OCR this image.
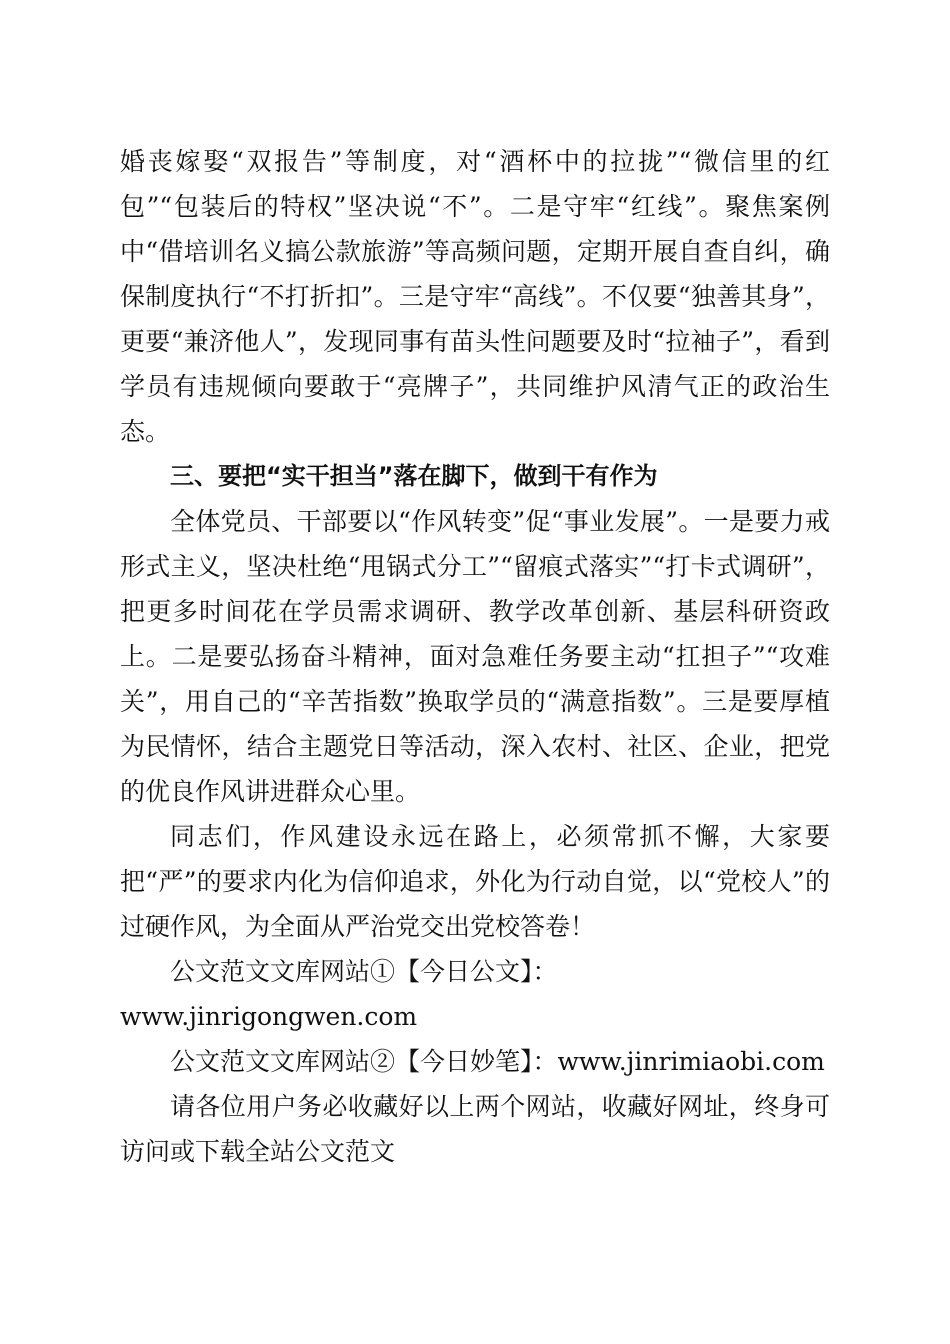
婚丧嫁娶“双报告”等制度，对“酒杯中的拉拢”“微信里的红包”“包装后的特权”坚决说“不”。二是守牢“红线”。聚焦案例中“借培训名义搞公款旅游”等高频问题，定期开展自查自纠，确保制度执行“不打折扣”。三是守牢“高线”。不仅要“独善其身”，更要“兼济他人”，发现同事有苗头性问题要及时“拉袖子”，看到学员有违规倾向要敢于“亮牌子”，共同维护风清气正的政治生态。

三、要把“实干担当”落在脚下，做到干有作为

全体党员、干部要以“作风转变”促“事业发展”。一是要力戒形式主义，坚决杜绝“甩锅式分工”“留痕式落实”“打卡式调研”，把更多时间花在学员需求调研、教学改革创新、基层科研资政上。二是要弘扬奋斗精神，面对急难任务要主动“扛担子”“攻难关”，用自己的“辛苦指数”换取学员的“满意指数”。三是要厚植为民情怀，结合主题党日等活动，深入农村、社区、企业，把党的优良作风讲进群众心里。

同志们，作风建设永远在路上，必须常抓不懈，大家要把“严”的要求内化为信仰追求，外化为行动自觉，以“党校人”的过硬作风，为全面从严治党交出党校答卷！

公文范文文库网站①【今日公文】：

www.jinrigongwen.com

公文范文文库网站②【今日妙笔】：www.jinrimiaobi.com

请各位用户务必收藏好以上两个网站，收藏好网址，终身可访问或下载全站公文范文
